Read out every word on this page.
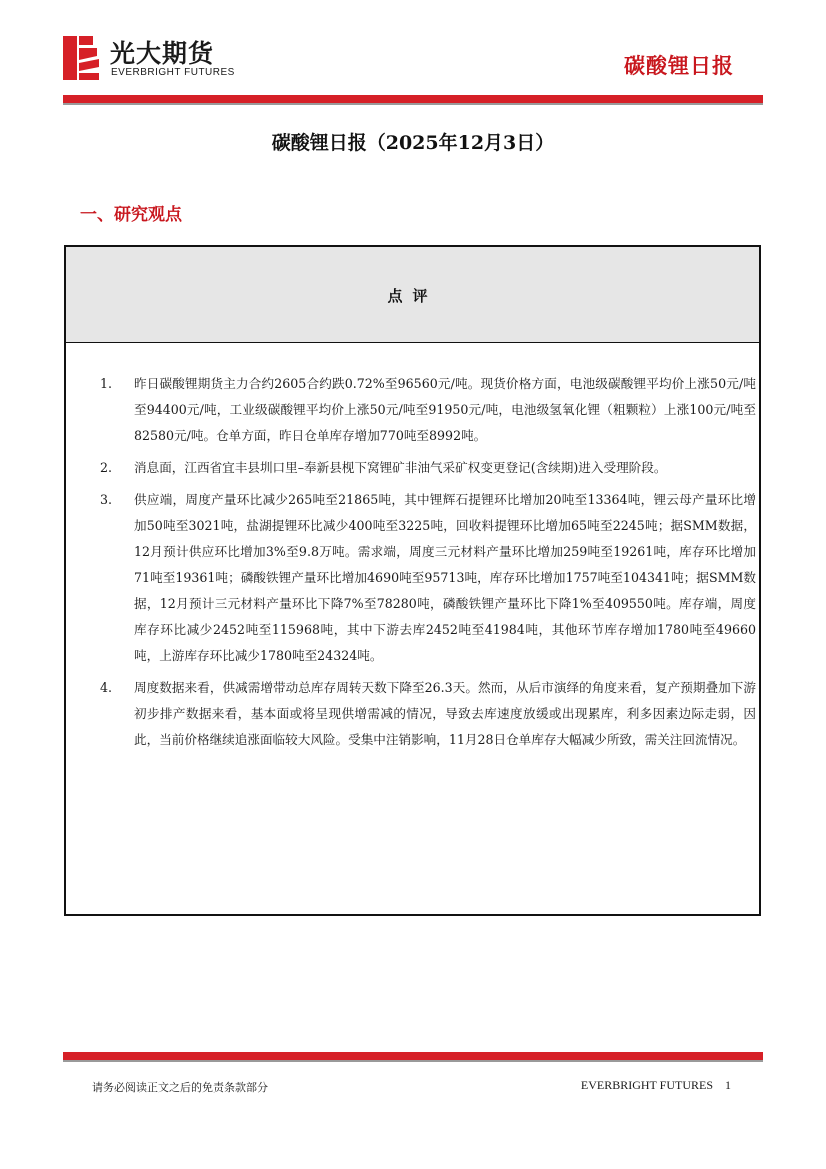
光大期货
EVERBRIGHT FUTURES	碳酸锂日报
碳酸锂日报（2025年12月3日）
一、研究观点
点评
1. 昨日碳酸锂期货主力合约2605合约跌0.72%至96560元/吨。现货价格方面，电池级碳酸锂平均价上涨50元/吨至94400元/吨，工业级碳酸锂平均价上涨50元/吨至91950元/吨，电池级氢氧化锂（粗颗粒）上涨100元/吨至82580元/吨。仓单方面，昨日仓单库存增加770吨至8992吨。
2. 消息面，江西省宜丰县圳口里–奉新县枧下窝锂矿非油气采矿权变更登记(含续期)进入受理阶段。
3. 供应端，周度产量环比减少265吨至21865吨，其中锂辉石提锂环比增加20吨至13364吨，锂云母产量环比增加50吨至3021吨，盐湖提锂环比减少400吨至3225吨，回收料提锂环比增加65吨至2245吨；据SMM数据，12月预计供应环比增加3%至9.8万吨。需求端，周度三元材料产量环比增加259吨至19261吨，库存环比增加71吨至19361吨；磷酸铁锂产量环比增加4690吨至95713吨，库存环比增加1757吨至104341吨；据SMM数据，12月预计三元材料产量环比下降7%至78280吨，磷酸铁锂产量环比下降1%至409550吨。库存端，周度库存环比减少2452吨至115968吨，其中下游去库2452吨至41984吨，其他环节库存增加1780吨至49660吨，上游库存环比减少1780吨至24324吨。
4. 周度数据来看，供减需增带动总库存周转天数下降至26.3天。然而，从后市演绎的角度来看，复产预期叠加下游初步排产数据来看，基本面或将呈现供增需减的情况，导致去库速度放缓或出现累库，利多因素边际走弱，因此，当前价格继续追涨面临较大风险。受集中注销影响，11月28日仓单库存大幅减少所致，需关注回流情况。
请务必阅读正文之后的免责条款部分	EVERBRIGHT FUTURES 1
